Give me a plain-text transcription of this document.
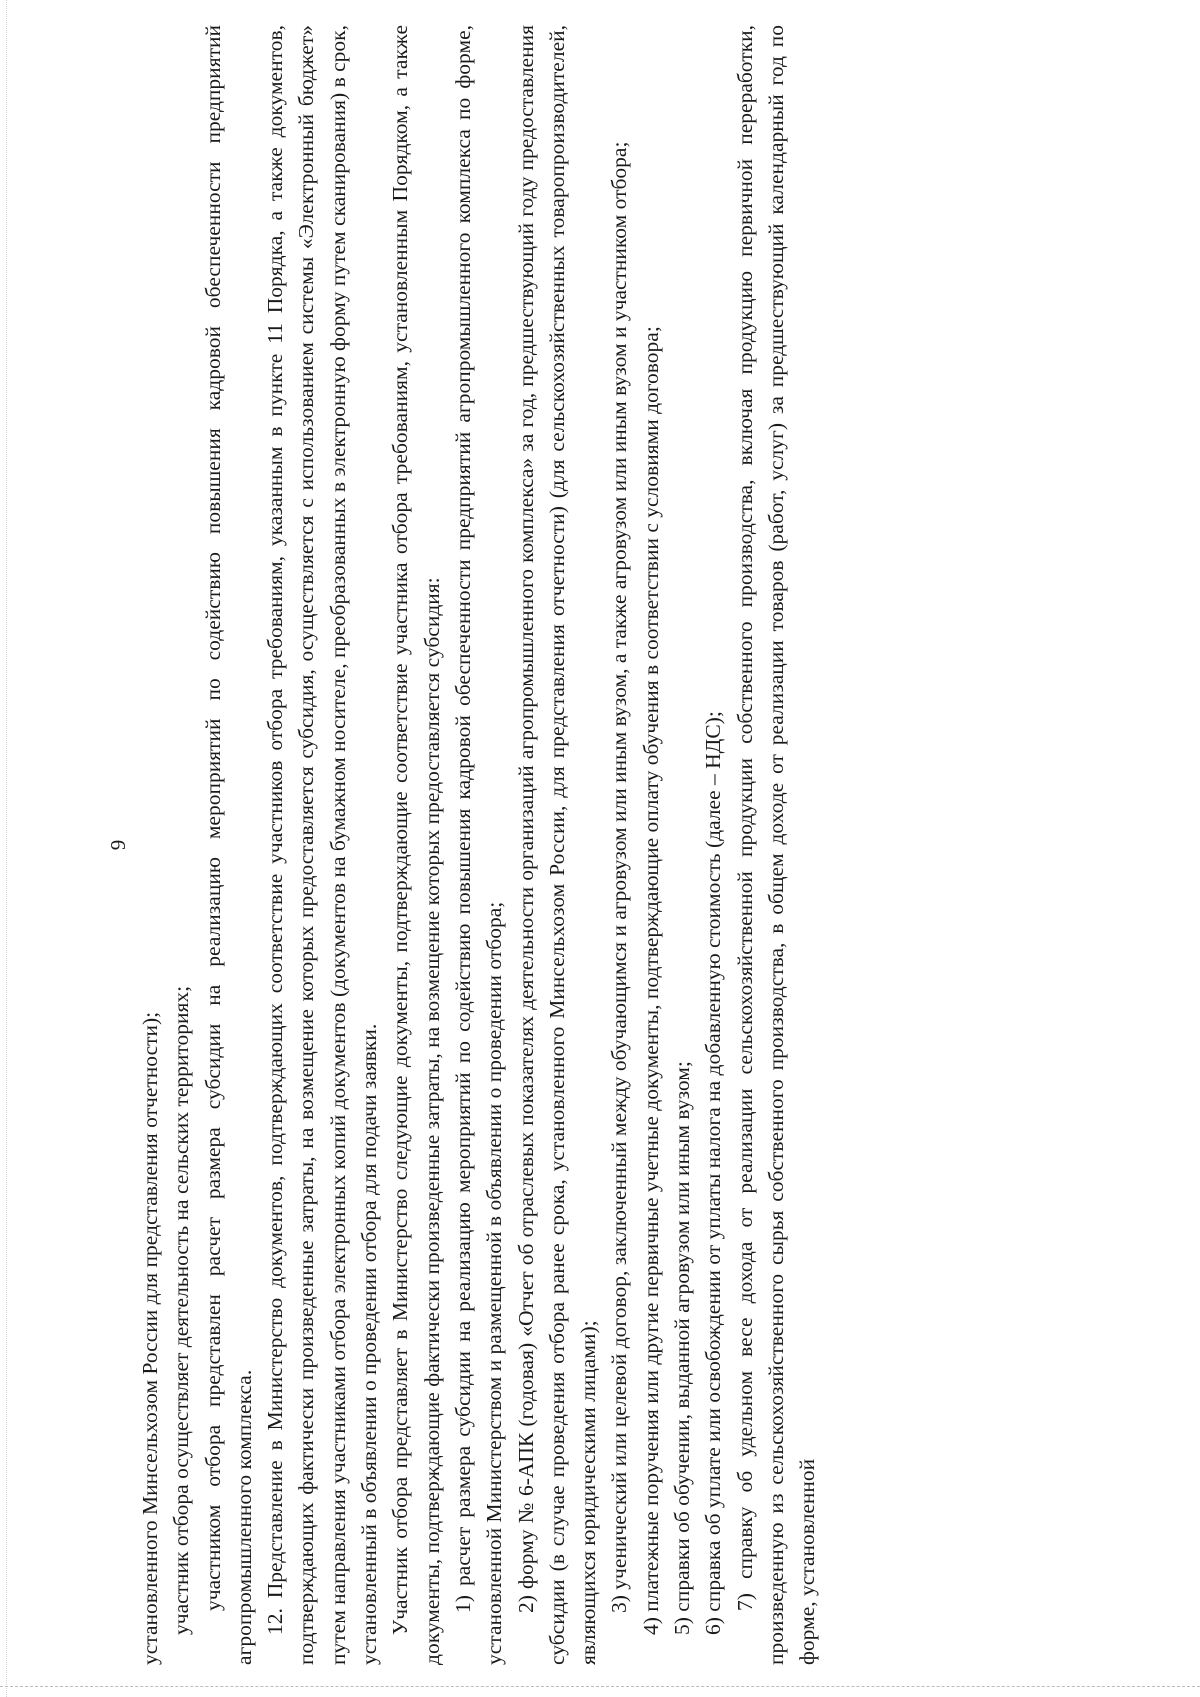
9

установленного Минсельхозом России для представления отчетности); участник отбора осуществляет деятельность на сельских территориях; участником отбора представлен расчет размера субсидии на реализацию мероприятий по содействию повышения кадровой обеспеченности предприятий агропромышленного комплекса. 12. Представление в Министерство документов, подтверждающих соответствие участников отбора требованиям, указанным в пункте 11 Порядка, а также документов, подтверждающих фактически произведенные затраты, на возмещение которых предоставляется субсидия, осуществляется с использованием системы «Электронный бюджет» путем направления участниками отбора электронных копий документов (документов на бумажном носителе, преобразованных в электронную форму путем сканирования) в срок, установленный в объявлении о проведении отбора для подачи заявки. Участник отбора представляет в Министерство следующие документы, подтверждающие соответствие участника отбора требованиям, установленным Порядком, а также документы, подтверждающие фактически произведенные затраты, на возмещение которых предоставляется субсидия: 1) расчет размера субсидии на реализацию мероприятий по содействию повышения кадровой обеспеченности предприятий агропромышленного комплекса по форме, установленной Министерством и размещенной в объявлении о проведении отбора; 2) форму № 6-АПК (годовая) «Отчет об отраслевых показателях деятельности организаций агропромышленного комплекса» за год, предшествующий году предоставления субсидии (в случае проведения отбора ранее срока, установленного Минсельхозом России, для представления отчетности) (для сельскохозяйственных товаропроизводителей, являющихся юридическими лицами); 3) ученический или целевой договор, заключенный между обучающимся и агровузом или иным вузом, а также агровузом или иным вузом и участником отбора; 4) платежные поручения или другие первичные учетные документы, подтверждающие оплату обучения в соответствии с условиями договора; 5) справки об обучении, выданной агровузом или иным вузом; 6) справка об уплате или освобождении от уплаты налога на добавленную стоимость (далее – НДС); 7) справку об удельном весе дохода от реализации сельскохозяйственной продукции собственного производства, включая продукцию первичной переработки, произведенную из сельскохозяйственного сырья собственного производства, в общем доходе от реализации товаров (работ, услуг) за предшествующий календарный год по форме, установленной
